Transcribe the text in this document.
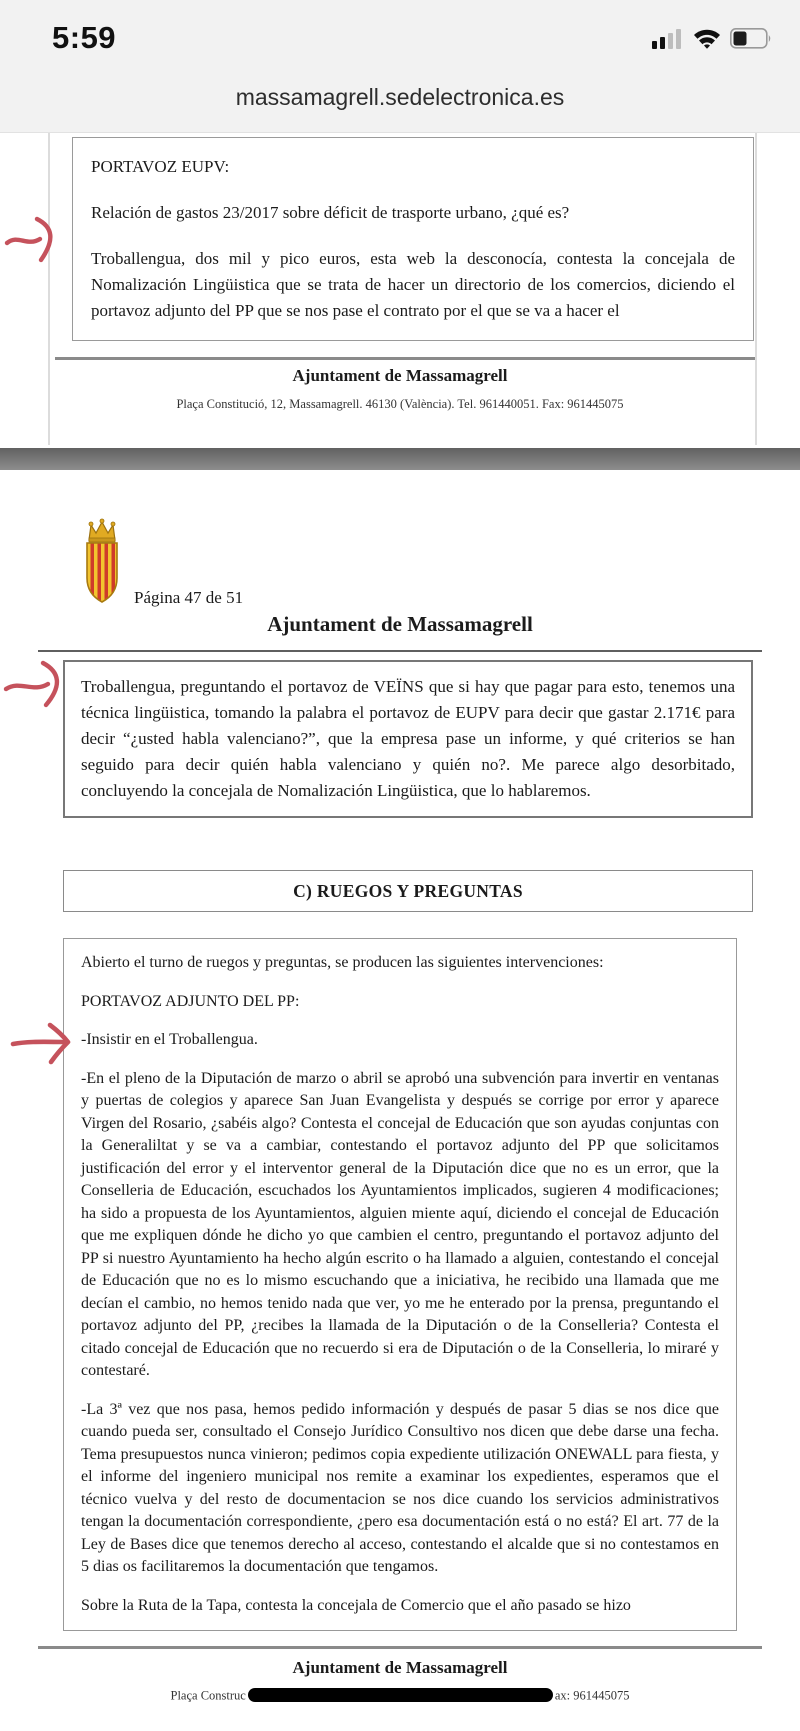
5:59
massamagrell.sedelectronica.es
PORTAVOZ EUPV:
Relación de gastos 23/2017 sobre déficit de trasporte urbano, ¿qué es?
Troballengua, dos mil y pico euros, esta web la desconocía, contesta la concejala de Nomalización Lingüistica que se trata de hacer un directorio de los comercios, diciendo el portavoz adjunto del PP que se nos pase el contrato por el que se va a hacer el
Ajuntament de Massamagrell
Plaça Constitució, 12, Massamagrell. 46130 (València). Tel. 961440051. Fax: 961445075
Página 47 de 51
Ajuntament de Massamagrell
Troballengua, preguntando el portavoz de VEÏNS que si hay que pagar para esto, tenemos una técnica lingüistica, tomando la palabra el portavoz de EUPV para decir que gastar 2.171€ para decir “¿usted habla valenciano?”, que la empresa pase un informe, y qué criterios se han seguido para decir quién habla valenciano y quién no?. Me parece algo desorbitado, concluyendo la concejala de Nomalización Lingüistica, que lo hablaremos.
C) RUEGOS Y PREGUNTAS

Abierto el turno de ruegos y preguntas, se producen las siguientes intervenciones:

PORTAVOZ ADJUNTO DEL PP:

-Insistir en el Troballengua.

-En el pleno de la Diputación de marzo o abril se aprobó una subvención para invertir en ventanas y puertas de colegios y aparece San Juan Evangelista y después se corrige por error y aparece Virgen del Rosario, ¿sabéis algo? Contesta el concejal de Educación que son ayudas conjuntas con la Generaliltat y se va a cambiar, contestando el portavoz adjunto del PP que solicitamos justificación del error y el interventor general de la Diputación dice que no es un error, que la Conselleria de Educación, escuchados los Ayuntamientos implicados, sugieren 4 modificaciones; ha sido a propuesta de los Ayuntamientos, alguien miente aquí, diciendo el concejal de Educación que me expliquen dónde he dicho yo que cambien el centro, preguntando el portavoz adjunto del PP si nuestro Ayuntamiento ha hecho algún escrito o ha llamado a alguien, contestando el concejal de Educación que no es lo mismo escuchando que a iniciativa, he recibido una llamada que me decían el cambio, no hemos tenido nada que ver, yo me he enterado por la prensa, preguntando el portavoz adjunto del PP, ¿recibes la llamada de la Diputación o de la Conselleria? Contesta el citado concejal de Educación que no recuerdo si era de Diputación o de la Conselleria, lo miraré y contestaré.

-La 3ª vez que nos pasa, hemos pedido información y después de pasar 5 dias se nos dice que cuando pueda ser, consultado el Consejo Jurídico Consultivo nos dicen que debe darse una fecha. Tema presupuestos nunca vinieron; pedimos copia expediente utilización ONEWALL para fiesta, y el informe del ingeniero municipal nos remite a examinar los expedientes, esperamos que el técnico vuelva y del resto de documentacion se nos dice cuando los servicios administrativos tengan la documentación correspondiente, ¿pero esa documentación está o no está? El art. 77 de la Ley de Bases dice que tenemos derecho al acceso, contestando el alcalde que si no contestamos en 5 dias os facilitaremos la documentación que tengamos.

Sobre la Ruta de la Tapa, contesta la concejala de Comercio que el año pasado se hizo

Ajuntament de Massamagrell
Plaça Construc	ax: 961445075
